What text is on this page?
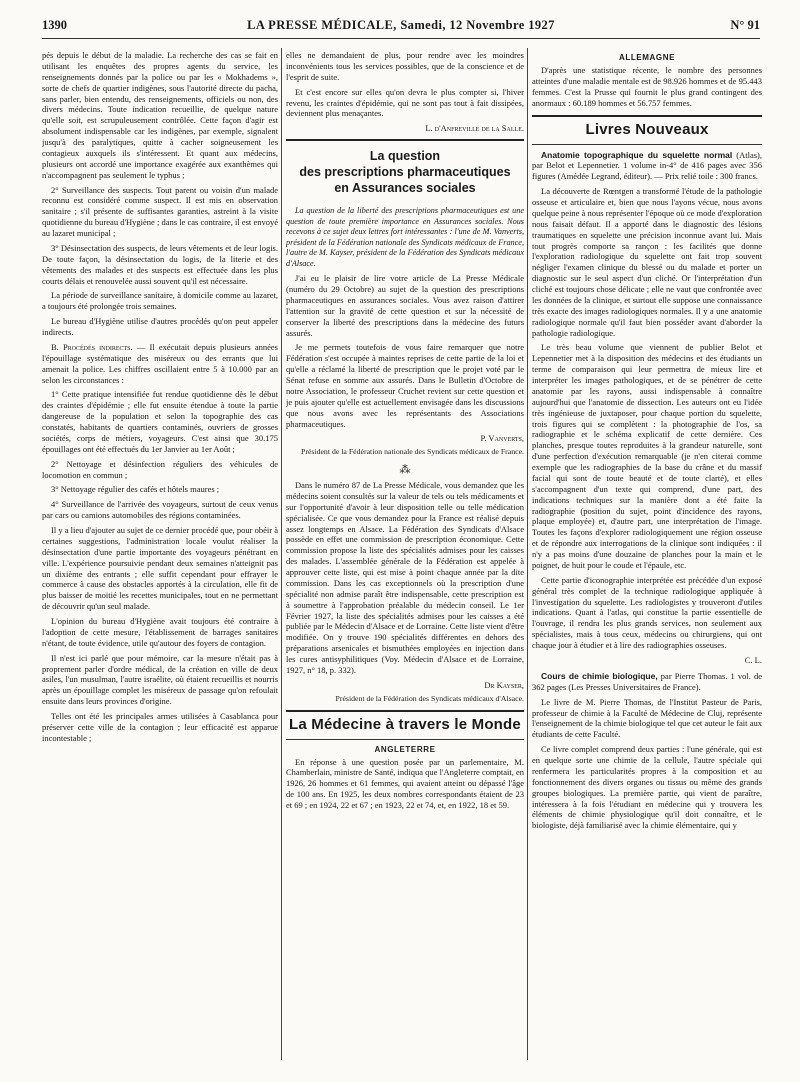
1390	LA PRESSE MÉDICALE, Samedi, 12 Novembre 1927	N° 91

pés depuis le début de la maladie. La recherche des cas se fait en utilisant les enquêtes des propres agents du service, les renseignements donnés par la police ou par les « Mokhadems », sorte de chefs de quartier indigènes, sous l'autorité directe du pacha, sans parler, bien entendu, des renseignements, officiels ou non, des divers médecins. Toute indication recueillie, de quelque nature qu'elle soit, est scrupuleusement contrôlée. Cette façon d'agir est absolument indispensable car les indigènes, par exemple, signalent jusqu'à des paralytiques, quitte à cacher soigneusement les contagieux auxquels ils s'intéressent. Et quant aux médecins, plusieurs ont accordé une importance exagérée aux exanthèmes qui n'accompagnent pas seulement le typhus ;

2° Surveillance des suspects. Tout parent ou voisin d'un malade reconnu est considéré comme suspect. Il est mis en observation sanitaire ; s'il présente de suffisantes garanties, astreint à la visite quotidienne du bureau d'Hygiène ; dans le cas contraire, il est envoyé au lazaret municipal ;

3° Désinsectation des suspects, de leurs vêtements et de leur logis. De toute façon, la désinsectation du logis, de la literie et des vêtements des malades et des suspects est effectuée dans les plus courts délais et renouvelée aussi souvent qu'il est nécessaire.

La période de surveillance sanitaire, à domicile comme au lazaret, a toujours été prolongée trois semaines.

Le bureau d'Hygiène utilise d'autres procédés qu'on peut appeler indirects.

B. Procédés indirects. — Il exécutait depuis plusieurs années l'épouillage systématique des miséreux ou des errants que lui amenait la police. Les chiffres oscillaient entre 5 à 10.000 par an selon les circonstances :

1° Cette pratique intensifiée fut rendue quotidienne dès le début des craintes d'épidémie ; elle fut ensuite étendue à toute la partie dangereuse de la population et selon la topographie des cas constatés, habitants de quartiers contaminés, ouvriers de grosses sociétés, corps de métiers, voyageurs. C'est ainsi que 30.175 épouillages ont été effectués du 1er Janvier au 1er Août ;

2° Nettoyage et désinfection réguliers des véhicules de locomotion en commun ;

3° Nettoyage régulier des cafés et hôtels maures ;

4° Surveillance de l'arrivée des voyageurs, surtout de ceux venus par cars ou camions automobiles des régions contaminées.

Il y a lieu d'ajouter au sujet de ce dernier procédé que, pour obéir à certaines suggestions, l'administration locale voulut réaliser la désinsectation d'une partie importante des voyageurs pénétrant en ville. L'expérience poursuivie pendant deux semaines n'atteignit pas un dixième des entrants ; elle suffit cependant pour effrayer le commerce à cause des obstacles apportés à la circulation, elle fit de plus baisser de moitié les recettes municipales, tout en ne permettant de découvrir qu'un seul malade.

L'opinion du bureau d'Hygiène avait toujours été contraire à l'adoption de cette mesure, l'établissement de barrages sanitaires n'étant, de toute évidence, utile qu'autour des foyers de contagion.

Il n'est ici parlé que pour mémoire, car la mesure n'était pas à proprement parler d'ordre médical, de la création en ville de deux asiles, l'un musulman, l'autre israélite, où étaient recueillis et nourris après un épouillage complet les miséreux de passage qu'on refoulait ensuite dans leurs provinces d'origine.

Telles ont été les principales armes utilisées à Casablanca pour préserver cette ville de la contagion ; leur efficacité est apparue incontestable ;

elles ne demandaient de plus, pour rendre avec les moindres inconvénients tous les services possibles, que de la conscience et de l'esprit de suite.

Et c'est encore sur elles qu'on devra le plus compter si, l'hiver revenu, les craintes d'épidémie, qui ne sont pas tout à fait dissipées, deviennent plus menaçantes.

L. d'Anfreville de la Salle.
La question
des prescriptions pharmaceutiques
en Assurances sociales

La question de la liberté des prescriptions pharmaceutiques est une question de toute première importance en Assurances sociales. Nous recevons à ce sujet deux lettres fort intéressantes : l'une de M. Vanverts, président de la Fédération nationale des Syndicats médicaux de France, l'autre de M. Kayser, président de la Fédération des Syndicats médicaux d'Alsace.

J'ai eu le plaisir de lire votre article de La Presse Médicale (numéro du 29 Octobre) au sujet de la question des prescriptions pharmaceutiques en assurances sociales. Vous avez raison d'attirer l'attention sur la gravité de cette question et sur la nécessité de conserver la liberté des prescriptions dans la médecine des futurs assurés.

Je me permets toutefois de vous faire remarquer que notre Fédération s'est occupée à maintes reprises de cette partie de la loi et qu'elle a réclamé la liberté de prescription que le projet voté par le Sénat refuse en somme aux assurés. Dans le Bulletin d'Octobre de notre Association, le professeur Cruchet revient sur cette question et je puis ajouter qu'elle est actuellement envisagée dans les discussions que nous avons avec les représentants des Associations pharmaceutiques.

P. Vanverts,
Président de la Fédération nationale des Syndicats médicaux de France.
⁂

Dans le numéro 87 de La Presse Médicale, vous demandez que les médecins soient consultés sur la valeur de tels ou tels médicaments et sur l'opportunité d'avoir à leur disposition telle ou telle médication spécialisée. Ce que vous demandez pour la France est réalisé depuis assez longtemps en Alsace. La Fédération des Syndicats d'Alsace possède en effet une commission de prescription économique. Cette commission propose la liste des spécialités admises pour les caisses des malades. L'assemblée générale de la Fédération est appelée à approuver cette liste, qui est mise à point chaque année par la dite commission. Dans les cas exceptionnels où la prescription d'une spécialité non admise paraît être indispensable, cette prescription est à soumettre à l'approbation préalable du médecin conseil. Le 1er Février 1927, la liste des spécialités admises pour les caisses a été publiée par le Médecin d'Alsace et de Lorraine. Cette liste vient d'être modifiée. On y trouve 190 spécialités différentes en dehors des préparations arsenicales et bismuthées employées en injection dans les cures antisyphilitiques (Voy. Médecin d'Alsace et de Lorraine, 1927, n° 18, p. 332).

Dr Kayser,
Président de la Fédération des Syndicats médicaux d'Alsace.
La Médecine à travers le Monde
ANGLETERRE

En réponse à une question posée par un parlementaire, M. Chamberlain, ministre de Santé, indiqua que l'Angleterre comptait, en 1926, 26 hommes et 61 femmes, qui avaient atteint ou dépassé l'âge de 100 ans. En 1925, les deux nombres correspondants étaient de 23 et 69 ; en 1924, 22 et 67 ; en 1923, 22 et 74, et, en 1922, 18 et 59.

ALLEMAGNE

D'après une statistique récente, le nombre des personnes atteintes d'une maladie mentale est de 98.926 hommes et de 95.443 femmes. C'est la Prusse qui fournit le plus grand contingent des anormaux : 60.189 hommes et 56.757 femmes.

Livres Nouveaux

Anatomie topographique du squelette normal (Atlas), par Belot et Lepennetier. 1 volume in-4° de 416 pages avec 356 figures (Amédée Legrand, éditeur). — Prix relié toile : 300 francs.

La découverte de Rœntgen a transformé l'étude de la pathologie osseuse et articulaire et, bien que nous l'ayons vécue, nous avons quelque peine à nous représenter l'époque où ce mode d'exploration nous faisait défaut. Il a apporté dans le diagnostic des lésions traumatiques en squelette une précision inconnue avant lui. Mais tout progrès comporte sa rançon : les facilités que donne l'exploration radiologique du squelette ont fait trop souvent négliger l'examen clinique du blessé ou du malade et porter un diagnostic sur le seul aspect d'un cliché. Or l'interprétation d'un cliché est toujours chose délicate ; elle ne vaut que confrontée avec les données de la clinique, et surtout elle suppose une connaissance très exacte des images radiologiques normales. Il y a une anatomie radiologique normale qu'il faut bien posséder avant d'aborder la pathologie radiologique.

Le très beau volume que viennent de publier Belot et Lepennetier met à la disposition des médecins et des étudiants un terme de comparaison qui leur permettra de mieux lire et interpréter les images pathologiques, et de se pénétrer de cette anatomie par les rayons, aussi indispensable à connaître aujourd'hui que l'anatomie de dissection. Les auteurs ont eu l'idée très ingénieuse de juxtaposer, pour chaque portion du squelette, trois figures qui se complètent : la photographie de l'os, sa radiographie et le schéma explicatif de cette dernière. Ces planches, presque toutes reproduites à la grandeur naturelle, sont d'une perfection d'exécution remarquable (je n'en citerai comme exemple que les radiographies de la base du crâne et du massif facial qui sont de toute beauté et de toute clarté), et elles s'accompagnent d'un texte qui comprend, d'une part, des indications techniques sur la manière dont a été faite la radiographie (position du sujet, point d'incidence des rayons, plaque employée) et, d'autre part, une interprétation de l'image. Toutes les façons d'explorer radiologiquement une région osseuse et de répondre aux interrogations de la clinique sont indiquées : il n'y a pas moins d'une douzaine de planches pour la main et le poignet, de huit pour le coude et l'épaule, etc.

Cette partie d'iconographie interprétée est précédée d'un exposé général très complet de la technique radiologique appliquée à l'investigation du squelette. Les radiologistes y trouveront d'utiles indications. Quant à l'atlas, qui constitue la partie essentielle de l'ouvrage, il rendra les plus grands services, non seulement aux spécialistes, mais à tous ceux, médecins ou chirurgiens, qui ont chaque jour à étudier et à lire des radiographies osseuses.

C. L.

Cours de chimie biologique, par Pierre Thomas. 1 vol. de 362 pages (Les Presses Universitaires de France).

Le livre de M. Pierre Thomas, de l'Institut Pasteur de Paris, professeur de chimie à la Faculté de Médecine de Cluj, représente l'enseignement de la chimie biologique tel que cet auteur le fait aux étudiants de cette Faculté.

Ce livre complet comprend deux parties : l'une générale, qui est en quelque sorte une chimie de la cellule, l'autre spéciale qui renfermera les particularités propres à la composition et au fonctionnement des divers organes ou tissus ou même des grands groupes biologiques. La première partie, qui vient de paraître, intéressera à la fois l'étudiant en médecine qui y trouvera les éléments de chimie physiologique qu'il doit connaître, et le biologiste, déjà familiarisé avec la chimie élémentaire, qui y
